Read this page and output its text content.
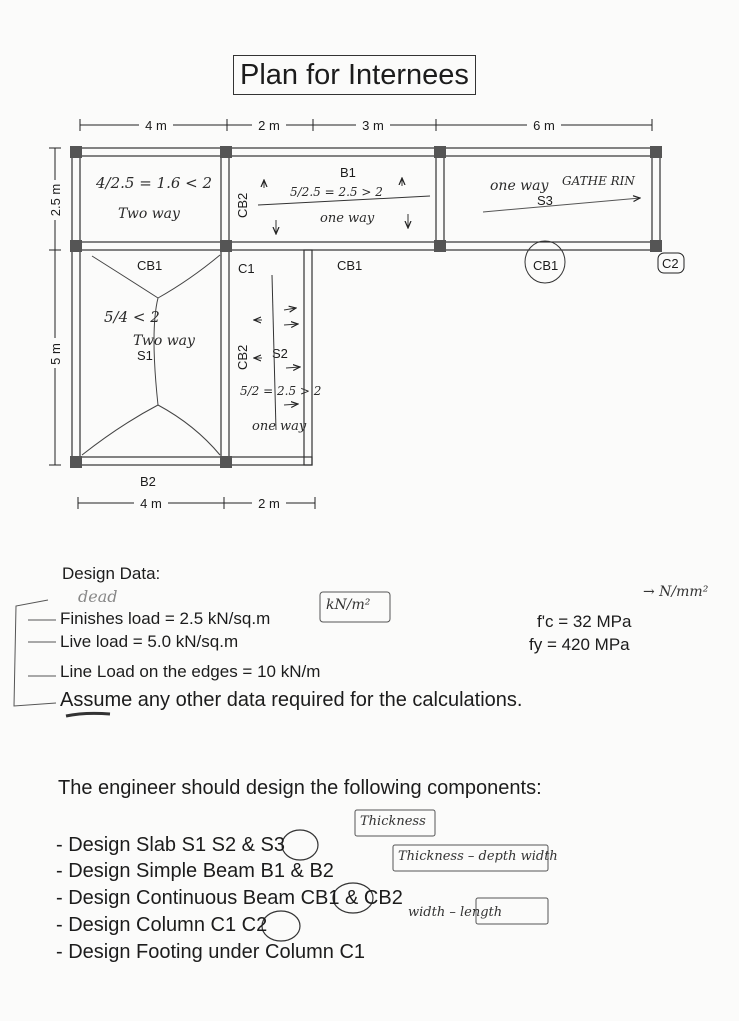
Plan for Internees
4 m	2 m	3 m	6 m
2.5 m
5 m
4 m	2 m
B1
B2
CB1	CB1	CB1
C1	C2
CB2
CB2
S1	S2
S3
4/2.5 = 1.6 < 2
Two way
5/2.5 = 2.5 > 2
one way
one way GATHE RIN
5/4 < 2
Two way
5/2 = 2.5 > 2
one way
Design Data:
dead
Finishes load = 2.5 kN/sq.m
kN/m²
Live load = 5.0 kN/sq.m
Line Load on the edges = 10 kN/m
Assume any other data required for the calculations.
f'c = 32 MPa
fy = 420 MPa
→ N/mm²
The engineer should design the following components:
- Design Slab S1 S2 & S3
- Design Simple Beam B1 & B2
- Design Continuous Beam CB1 & CB2
- Design Column C1 C2
- Design Footing under Column C1
Thickness
Thickness – depth width
width – length
